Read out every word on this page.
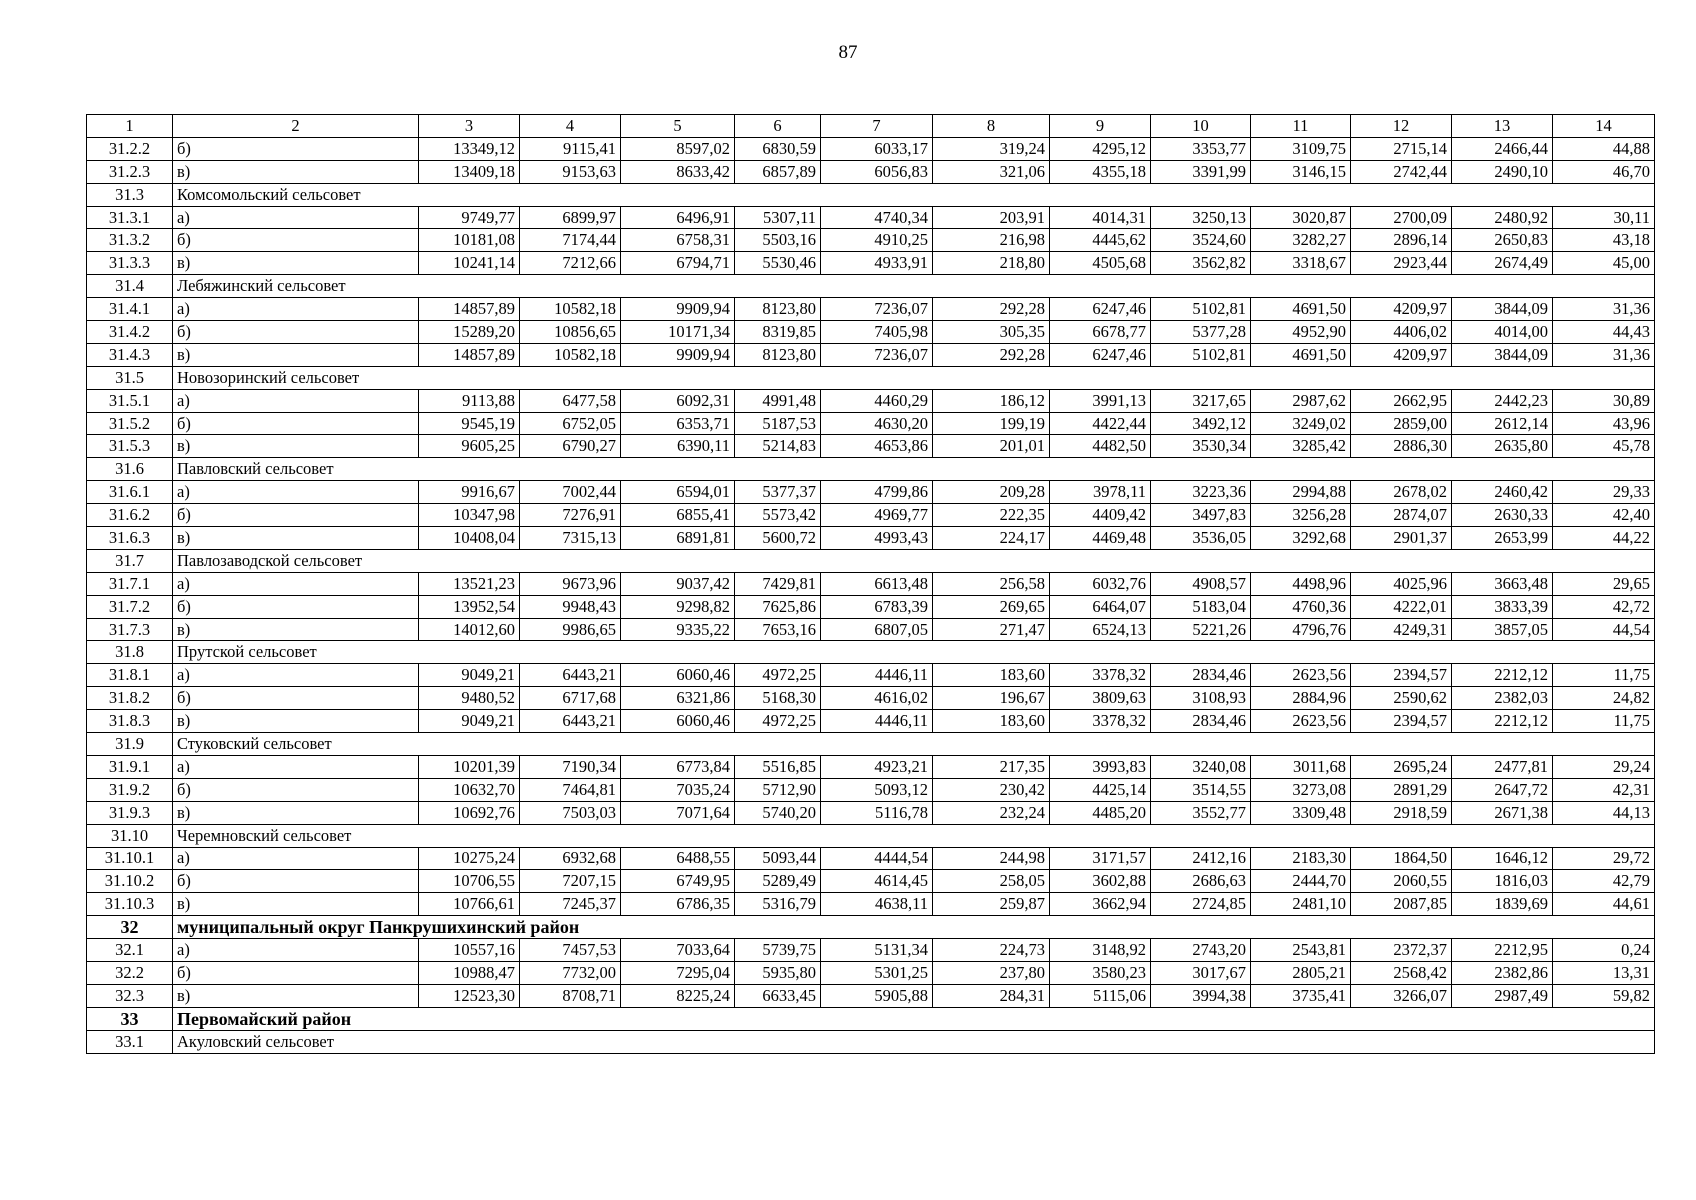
87
1	2	3	4	5	6	7	8	9	10	11	12	13	14
31.2.2	б)	13349,12	9115,41	8597,02	6830,59	6033,17	319,24	4295,12	3353,77	3109,75	2715,14	2466,44	44,88
31.2.3	в)	13409,18	9153,63	8633,42	6857,89	6056,83	321,06	4355,18	3391,99	3146,15	2742,44	2490,10	46,70
31.3	Комсомольский сельсовет												
31.3.1	а)	9749,77	6899,97	6496,91	5307,11	4740,34	203,91	4014,31	3250,13	3020,87	2700,09	2480,92	30,11
31.3.2	б)	10181,08	7174,44	6758,31	5503,16	4910,25	216,98	4445,62	3524,60	3282,27	2896,14	2650,83	43,18
31.3.3	в)	10241,14	7212,66	6794,71	5530,46	4933,91	218,80	4505,68	3562,82	3318,67	2923,44	2674,49	45,00
31.4	Лебяжинский сельсовет												
31.4.1	а)	14857,89	10582,18	9909,94	8123,80	7236,07	292,28	6247,46	5102,81	4691,50	4209,97	3844,09	31,36
31.4.2	б)	15289,20	10856,65	10171,34	8319,85	7405,98	305,35	6678,77	5377,28	4952,90	4406,02	4014,00	44,43
31.4.3	в)	14857,89	10582,18	9909,94	8123,80	7236,07	292,28	6247,46	5102,81	4691,50	4209,97	3844,09	31,36
31.5	Новозоринский сельсовет												
31.5.1	а)	9113,88	6477,58	6092,31	4991,48	4460,29	186,12	3991,13	3217,65	2987,62	2662,95	2442,23	30,89
31.5.2	б)	9545,19	6752,05	6353,71	5187,53	4630,20	199,19	4422,44	3492,12	3249,02	2859,00	2612,14	43,96
31.5.3	в)	9605,25	6790,27	6390,11	5214,83	4653,86	201,01	4482,50	3530,34	3285,42	2886,30	2635,80	45,78
31.6	Павловский сельсовет												
31.6.1	а)	9916,67	7002,44	6594,01	5377,37	4799,86	209,28	3978,11	3223,36	2994,88	2678,02	2460,42	29,33
31.6.2	б)	10347,98	7276,91	6855,41	5573,42	4969,77	222,35	4409,42	3497,83	3256,28	2874,07	2630,33	42,40
31.6.3	в)	10408,04	7315,13	6891,81	5600,72	4993,43	224,17	4469,48	3536,05	3292,68	2901,37	2653,99	44,22
31.7	Павлозаводской сельсовет												
31.7.1	а)	13521,23	9673,96	9037,42	7429,81	6613,48	256,58	6032,76	4908,57	4498,96	4025,96	3663,48	29,65
31.7.2	б)	13952,54	9948,43	9298,82	7625,86	6783,39	269,65	6464,07	5183,04	4760,36	4222,01	3833,39	42,72
31.7.3	в)	14012,60	9986,65	9335,22	7653,16	6807,05	271,47	6524,13	5221,26	4796,76	4249,31	3857,05	44,54
31.8	Прутской сельсовет												
31.8.1	а)	9049,21	6443,21	6060,46	4972,25	4446,11	183,60	3378,32	2834,46	2623,56	2394,57	2212,12	11,75
31.8.2	б)	9480,52	6717,68	6321,86	5168,30	4616,02	196,67	3809,63	3108,93	2884,96	2590,62	2382,03	24,82
31.8.3	в)	9049,21	6443,21	6060,46	4972,25	4446,11	183,60	3378,32	2834,46	2623,56	2394,57	2212,12	11,75
31.9	Стуковский сельсовет												
31.9.1	а)	10201,39	7190,34	6773,84	5516,85	4923,21	217,35	3993,83	3240,08	3011,68	2695,24	2477,81	29,24
31.9.2	б)	10632,70	7464,81	7035,24	5712,90	5093,12	230,42	4425,14	3514,55	3273,08	2891,29	2647,72	42,31
31.9.3	в)	10692,76	7503,03	7071,64	5740,20	5116,78	232,24	4485,20	3552,77	3309,48	2918,59	2671,38	44,13
31.10	Черемновский сельсовет												
31.10.1	а)	10275,24	6932,68	6488,55	5093,44	4444,54	244,98	3171,57	2412,16	2183,30	1864,50	1646,12	29,72
31.10.2	б)	10706,55	7207,15	6749,95	5289,49	4614,45	258,05	3602,88	2686,63	2444,70	2060,55	1816,03	42,79
31.10.3	в)	10766,61	7245,37	6786,35	5316,79	4638,11	259,87	3662,94	2724,85	2481,10	2087,85	1839,69	44,61
32	муниципальный округ Панкрушихинский район												
32.1	а)	10557,16	7457,53	7033,64	5739,75	5131,34	224,73	3148,92	2743,20	2543,81	2372,37	2212,95	0,24
32.2	б)	10988,47	7732,00	7295,04	5935,80	5301,25	237,80	3580,23	3017,67	2805,21	2568,42	2382,86	13,31
32.3	в)	12523,30	8708,71	8225,24	6633,45	5905,88	284,31	5115,06	3994,38	3735,41	3266,07	2987,49	59,82
33	Первомайский район												
33.1	Акуловский сельсовет												
